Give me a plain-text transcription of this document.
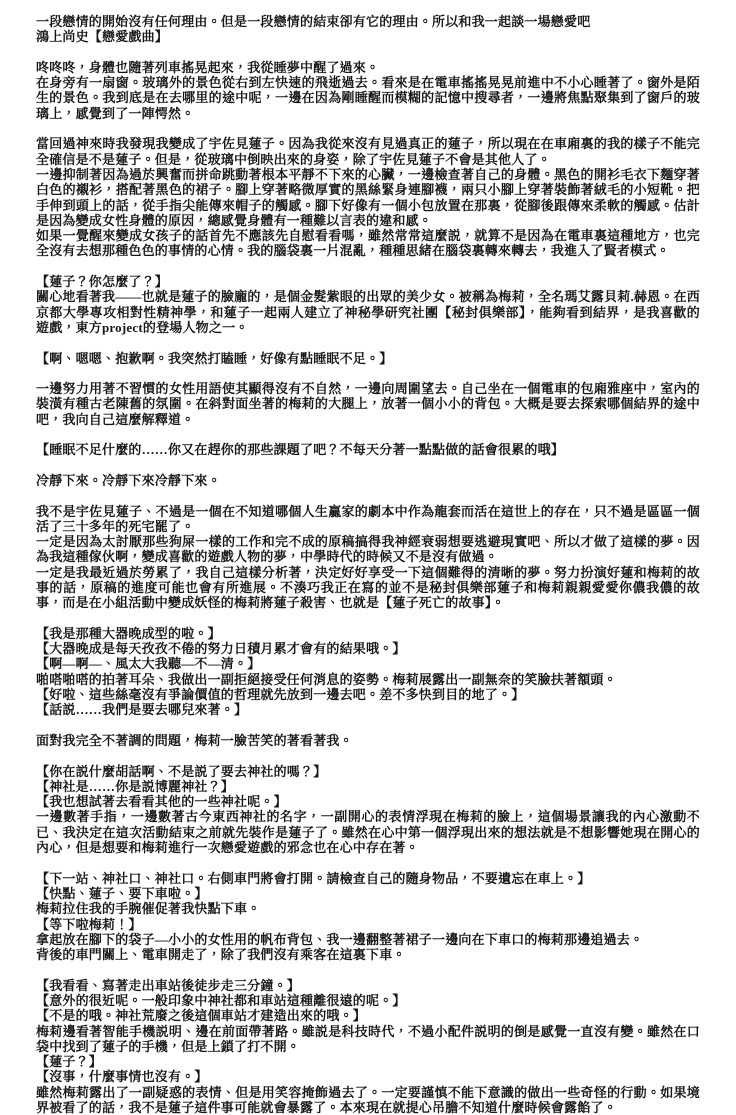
一段戀情的開始沒有任何理由。但是一段戀情的結束卻有它的理由。所以和我一起談一場戀愛吧

鴻上尚史【戀愛戲曲】

咚咚咚，身體也隨著列車搖晃起來，我從睡夢中醒了過來。

在身旁有一扇窗。玻璃外的景色從右到左快速的飛逝過去。看來是在電車搖搖晃晃前進中不小心睡著了。窗外是陌生的景色。我到底是在去哪里的途中呢，一邊在因為剛睡醒而模糊的記憶中搜尋者，一邊將焦點聚集到了窗戶的玻璃上，感覺到了一陣愕然。

當回過神來時我發現我變成了宇佐見蓮子。因為我從來沒有見過真正的蓮子，所以現在在車廂裏的我的樣子不能完全確信是不是蓮子。但是，從玻璃中倒映出來的身姿，除了宇佐見蓮子不會是其他人了。

一邊抑制著因為過於興奮而拼命跳動著根本平靜不下來的心臟，一邊檢查著自己的身體。黑色的開衫毛衣下麵穿著白色的襯衫，搭配著黑色的裙子。腳上穿著略微厚實的黑絲緊身連腳襪，兩只小腳上穿著裝飾著絨毛的小短靴。把手伸到頭上的話，從手指尖能傳來帽子的觸感。腳下好像有一個小包放置在那裏，從腳後跟傳來柔軟的觸感。估計是因為變成女性身體的原因，總感覺身體有一種難以言表的違和感。

如果一覺醒來變成女孩子的話首先不應該先自慰看看嗎，雖然常常這麼説，就算不是因為在電車裏這種地方，也完全沒有去想那種色色的事情的心情。我的腦袋裏一片混亂，種種思緒在腦袋裏轉來轉去，我進入了賢者模式。

【蓮子？你怎麼了？】

關心地看著我——也就是蓮子的臉龐的，是個金髮紫眼的出眾的美少女。被稱為梅莉，全名瑪艾露貝莉.赫恩。在西京都大學專攻相對性精神學，和蓮子一起兩人建立了神秘學研究社團【秘封俱樂部】，能夠看到結界，是我喜歡的遊戲，東方project的登場人物之一。

【啊、嗯嗯、抱歉啊。我突然打瞌睡，好像有點睡眠不足。】

一邊努力用著不習慣的女性用語使其顯得沒有不自然，一邊向周圍望去。自己坐在一個電車的包廂雅座中，室內的裝潢有種古老陳舊的氛圍。在斜對面坐著的梅莉的大腿上，放著一個小小的背包。大概是要去探索哪個結界的途中吧，我向自己這麼解釋道。

【睡眠不足什麼的……你又在趕你的那些課題了吧？不每天分著一點點做的話會很累的哦】

冷靜下來。冷靜下來冷靜下來。

我不是宇佐見蓮子、不過是一個在不知道哪個人生贏家的劇本中作為龍套而活在這世上的存在，只不過是區區一個活了三十多年的死宅罷了。

一定是因為太討厭那些狗屎一樣的工作和完不成的原稿搞得我神經衰弱想要逃避現實吧、所以才做了這樣的夢。因為我這種傢伙啊，變成喜歡的遊戲人物的夢，中學時代的時候又不是沒有做過。

一定是我最近過於勞累了，我自己這樣分析著，決定好好享受一下這個難得的清晰的夢。努力扮演好蓮和梅莉的故事的話，原稿的進度可能也會有所進展。不湊巧我正在寫的並不是秘封俱樂部蓮子和梅莉親親愛愛你儂我儂的故事，而是在小組活動中變成妖怪的梅莉將蓮子殺害、也就是【蓮子死亡的故事】。

【我是那種大器晚成型的啦。】

【大器晚成是每天孜孜不倦的努力日積月累才會有的結果哦。】

【啊—啊—、風太大我聽—不—清。】

啪嗒啪嗒的拍著耳朵、我做出一副拒絕接受任何消息的姿勢。梅莉展露出一副無奈的笑臉扶著額頭。

【好啦、這些絲毫沒有爭論價值的哲理就先放到一邊去吧。差不多快到目的地了。】

【話説……我們是要去哪兒來著。】

面對我完全不著調的問題，梅莉一臉苦笑的著看著我。

【你在説什麼胡話啊、不是説了要去神社的嗎？】

【神社是……你是説博麗神社？】

【我也想試著去看看其他的一些神社呢。】

一邊數著手指，一邊數著古今東西神社的名字，一副開心的表情浮現在梅莉的臉上，這個場景讓我的內心激動不已、我決定在這次活動結束之前就先裝作是蓮子了。雖然在心中第一個浮現出來的想法就是不想影響她現在開心的內心，但是想要和梅莉進行一次戀愛遊戲的邪念也在心中存在著。

【下一站、神社口、神社口。右側車門將會打開。請檢查自己的隨身物品，不要遺忘在車上。】

【快點、蓮子、要下車啦。】

梅莉拉住我的手腕催促著我快點下車。

【等下啦梅莉！】

拿起放在腳下的袋子—小小的女性用的帆布背包、我一邊翻整著裙子一邊向在下車口的梅莉那邊追過去。

背後的車門關上、電車開走了，除了我們沒有乘客在這裏下車。

【我看看、寫著走出車站後徒步走三分鐘。】

【意外的很近呢。一般印象中神社都和車站這種離很遠的呢。】

【不是的哦。神社荒廢之後這個車站才建造出來的哦。】

梅莉邊看著智能手機説明、邊在前面帶著路。雖説是科技時代，不過小配件説明的倒是感覺一直沒有變。雖然在口袋中找到了蓮子的手機，但是上鎖了打不開。

【蓮子？】

【沒事，什麼事情也沒有。】

雖然梅莉露出了一副疑惑的表情、但是用笑容掩飾過去了。一定要謹慎不能下意識的做出一些奇怪的行動。如果境界被看了的話，我不是蓮子這件事可能就會暴露了。本來現在就提心吊膽不知道什麼時候會露餡了。
